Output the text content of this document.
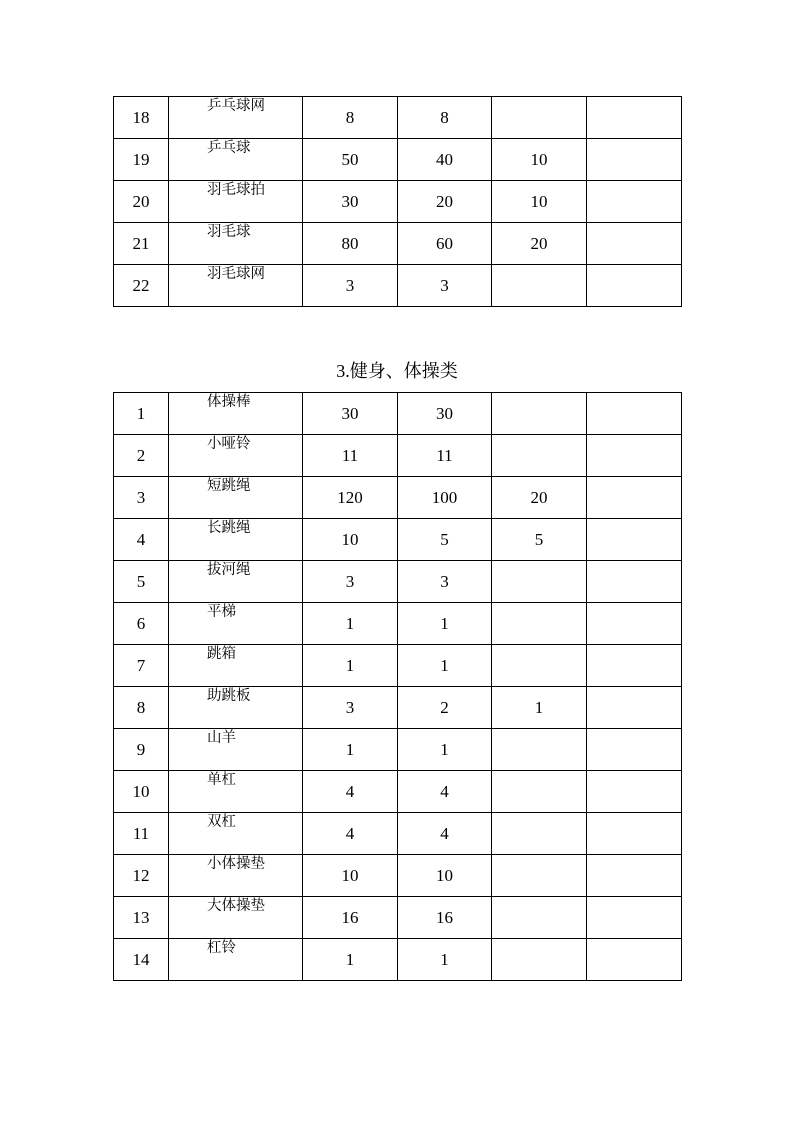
18	乒乓球网	8	8		
19	乒乓球	50	40	10	
20	羽毛球拍	30	20	10	
21	羽毛球	80	60	20	
22	羽毛球网	3	3		
3.健身、体操类
1	体操棒	30	30		
2	小哑铃	11	11		
3	短跳绳	120	100	20	
4	长跳绳	10	5	5	
5	拔河绳	3	3		
6	平梯	1	1		
7	跳箱	1	1		
8	助跳板	3	2	1	
9	山羊	1	1		
10	单杠	4	4		
11	双杠	4	4		
12	小体操垫	10	10		
13	大体操垫	16	16		
14	杠铃	1	1		
